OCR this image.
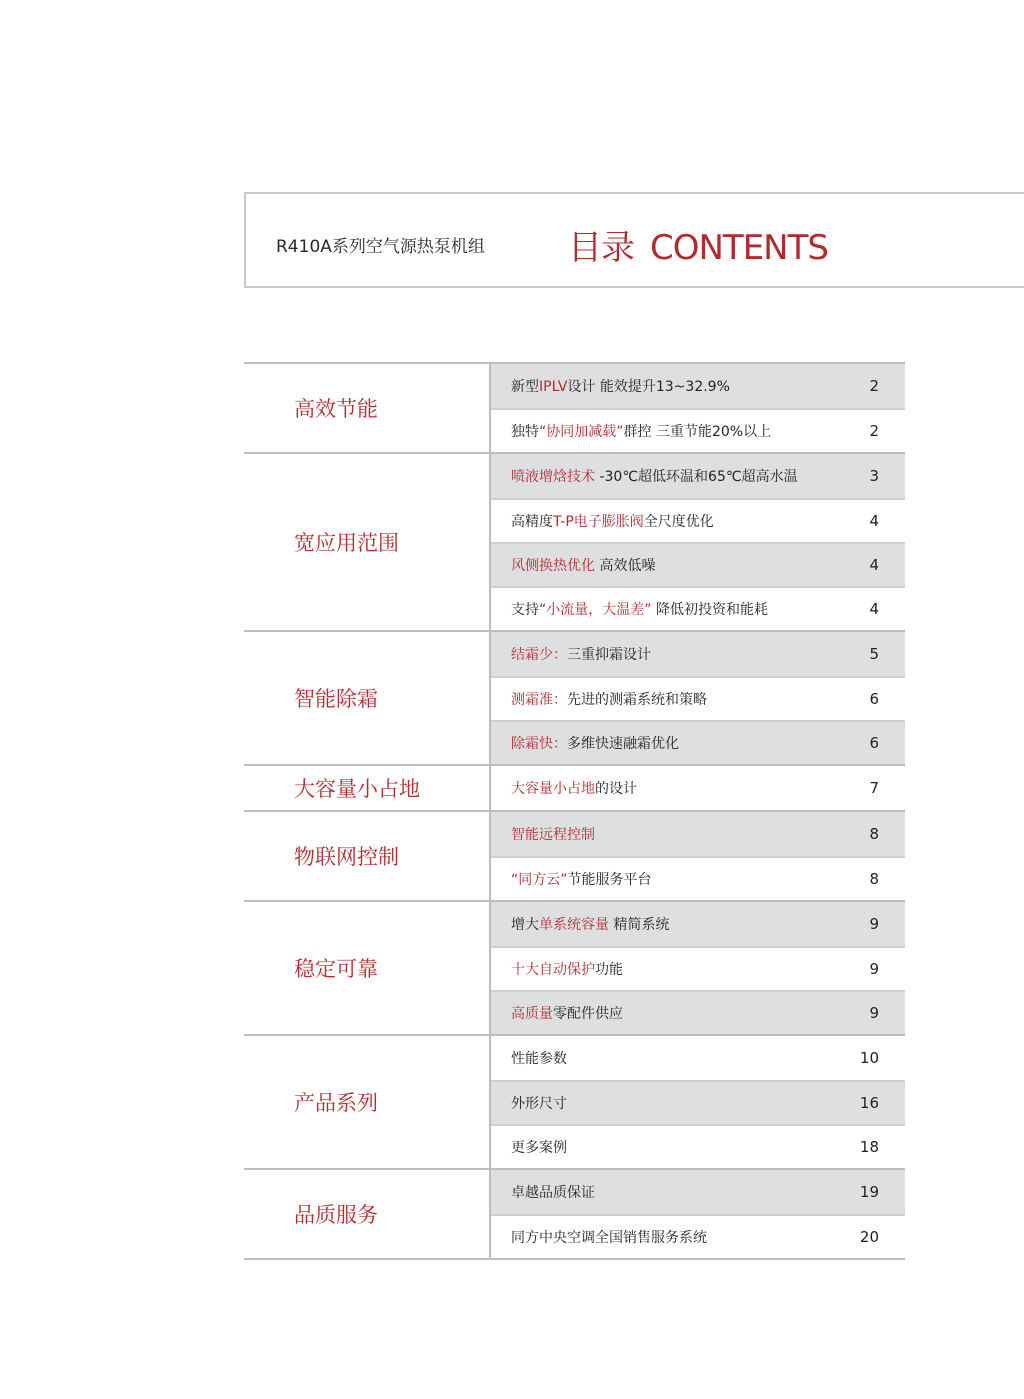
R410A系列空气源热泵机组 目录 CONTENTS
高效节能
新型IPLV设计 能效提升13~32.9%	2
独特“协同加减载”群控 三重节能20%以上	2
宽应用范围
喷液增焓技术 -30℃超低环温和65℃超高水温	3
高精度T-P电子膨胀阀全尺度优化	4
风侧换热优化 高效低噪	4
支持“小流量，大温差” 降低初投资和能耗	4
智能除霜
结霜少：三重抑霜设计	5
测霜准：先进的测霜系统和策略	6
除霜快：多维快速融霜优化	6
大容量小占地	大容量小占地的设计	7
物联网控制
智能远程控制	8
“同方云”节能服务平台	8
稳定可靠
增大单系统容量 精简系统	9
十大自动保护功能	9
高质量零配件供应	9
产品系列
性能参数	10
外形尺寸	16
更多案例	18
品质服务
卓越品质保证	19
同方中央空调全国销售服务系统	20
